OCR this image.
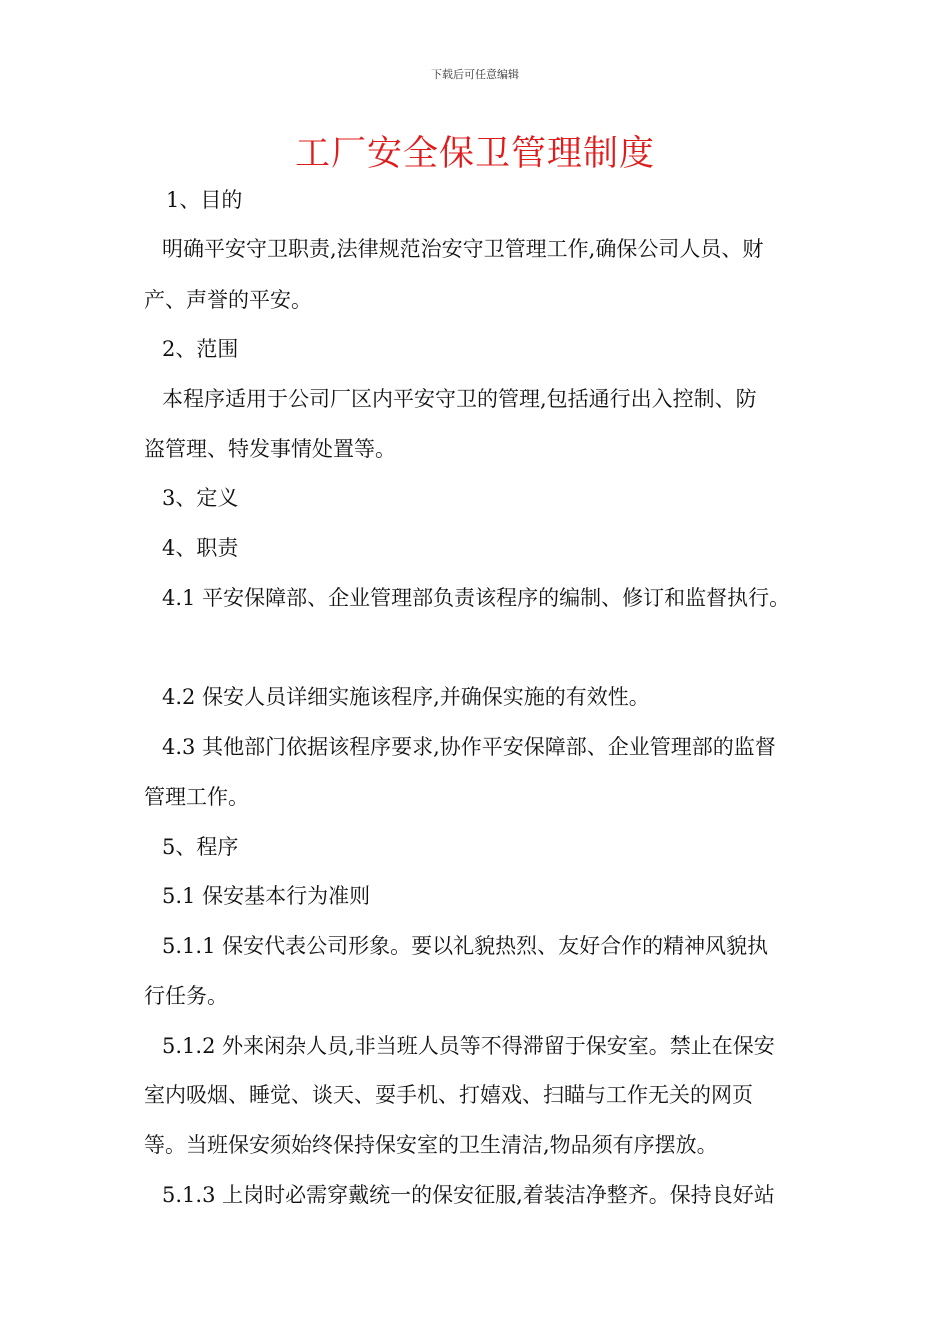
下载后可任意编辑
工厂安全保卫管理制度

1、目的

明确平安守卫职责,法律规范治安守卫管理工作,确保公司人员、财

产、声誉的平安。

2、范围

本程序适用于公司厂区内平安守卫的管理,包括通行出入控制、防

盗管理、特发事情处置等。

3、定义

4、职责

4.1 平安保障部、企业管理部负责该程序的编制、修订和监督执行。

4.2 保安人员详细实施该程序,并确保实施的有效性。

4.3 其他部门依据该程序要求,协作平安保障部、企业管理部的监督

管理工作。

5、程序

5.1 保安基本行为准则

5.1.1 保安代表公司形象。要以礼貌热烈、友好合作的精神风貌执

行任务。

5.1.2 外来闲杂人员,非当班人员等不得滞留于保安室。禁止在保安

室内吸烟、睡觉、谈天、耍手机、打嬉戏、扫瞄与工作无关的网页

等。当班保安须始终保持保安室的卫生清洁,物品须有序摆放。

5.1.3 上岗时必需穿戴统一的保安征服,着装洁净整齐。保持良好站
